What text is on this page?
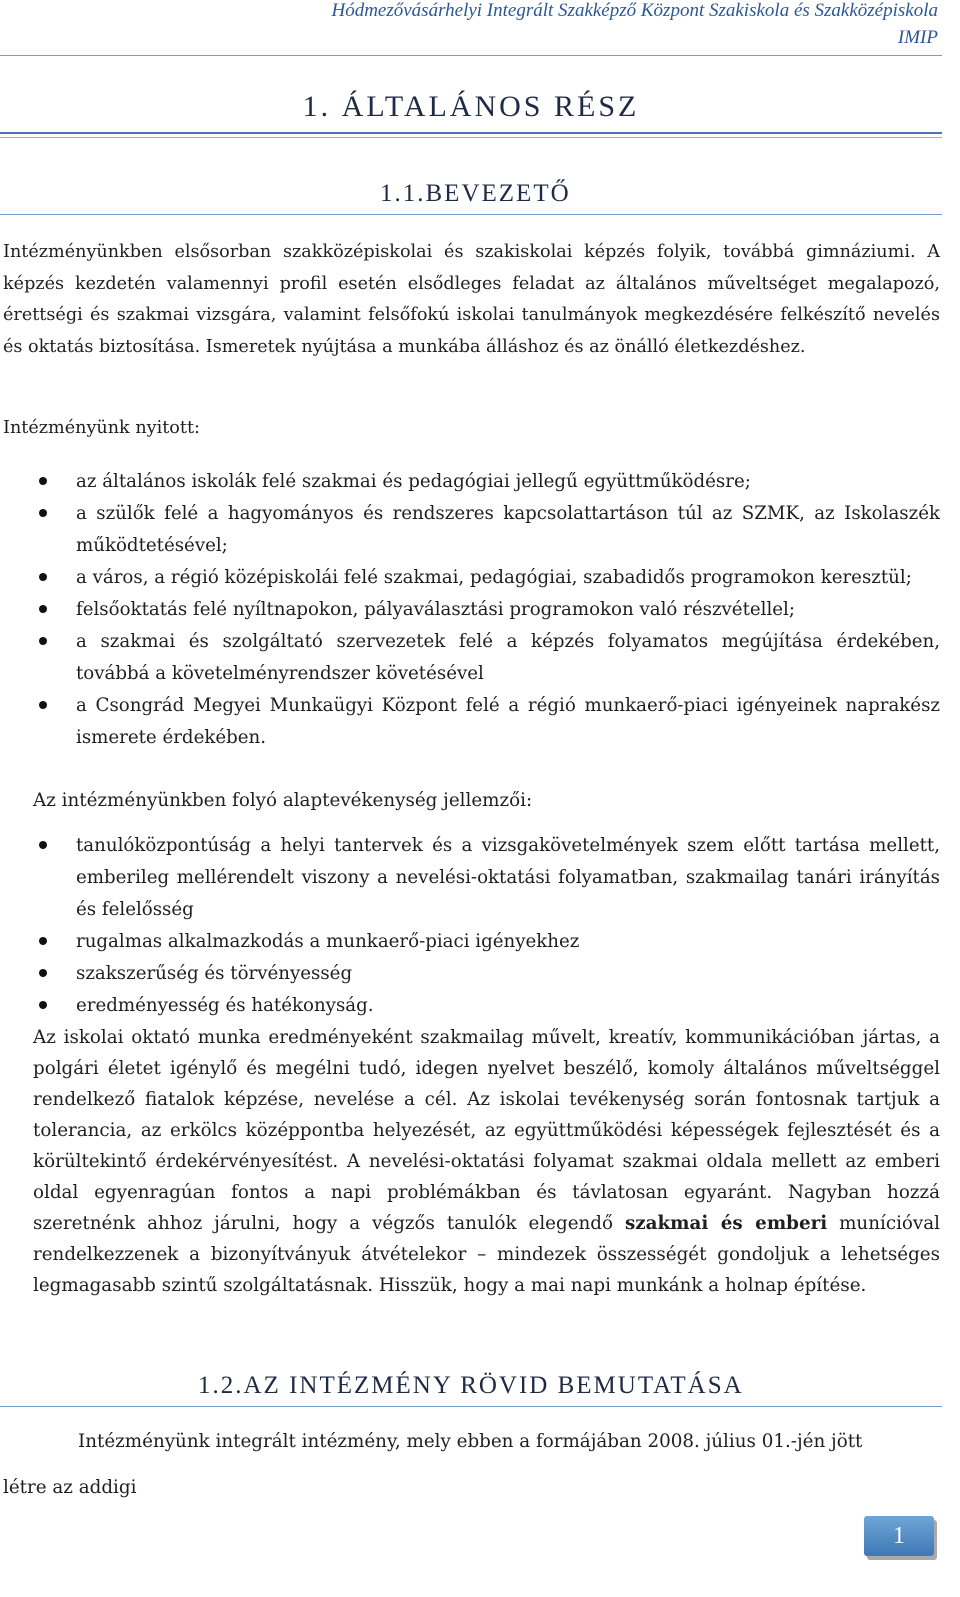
Hódmezővásárhelyi Integrált Szakképző Központ Szakiskola és Szakközépiskola
IMIP
1. ÁLTALÁNOS RÉSZ
1.1.BEVEZETŐ
Intézményünkben elsősorban szakközépiskolai és szakiskolai képzés folyik, továbbá gimnáziumi. A képzés kezdetén valamennyi profil esetén elsődleges feladat az általános műveltséget megalapozó, érettségi és szakmai vizsgára, valamint felsőfokú iskolai tanulmányok megkezdésére felkészítő nevelés és oktatás biztosítása. Ismeretek nyújtása a munkába álláshoz és az önálló életkezdéshez.
Intézményünk nyitott:
az általános iskolák felé szakmai és pedagógiai jellegű együttműködésre;
a szülők felé a hagyományos és rendszeres kapcsolattartáson túl az SZMK, az Iskolaszék működtetésével;
a város, a régió középiskolái felé szakmai, pedagógiai, szabadidős programokon keresztül;
felsőoktatás felé nyíltnapokon, pályaválasztási programokon való részvétellel;
a szakmai és szolgáltató szervezetek felé a képzés folyamatos megújítása érdekében, továbbá a követelményrendszer követésével
a Csongrád Megyei Munkaügyi Központ felé a régió munkaerő-piaci igényeinek naprakész ismerete érdekében.
Az intézményünkben folyó alaptevékenység jellemzői:
tanulóközpontúság a helyi tantervek és a vizsgakövetelmények szem előtt tartása mellett, emberileg mellérendelt viszony a nevelési-oktatási folyamatban, szakmailag tanári irányítás és felelősség
rugalmas alkalmazkodás a munkaerő-piaci igényekhez
szakszerűség és törvényesség
eredményesség és hatékonyság.
Az iskolai oktató munka eredményeként szakmailag művelt, kreatív, kommunikációban jártas, a polgári életet igénylő és megélni tudó, idegen nyelvet beszélő, komoly általános műveltséggel rendelkező fiatalok képzése, nevelése a cél. Az iskolai tevékenység során fontosnak tartjuk a tolerancia, az erkölcs középpontba helyezését, az együttműködési képességek fejlesztését és a körültekintő érdekérvényesítést. A nevelési-oktatási folyamat szakmai oldala mellett az emberi oldal egyenragúan fontos a napi problémákban és távlatosan egyaránt. Nagyban hozzá szeretnénk ahhoz járulni, hogy a végzős tanulók elegendő szakmai és emberi munícióval rendelkezzenek a bizonyítványuk átvételekor – mindezek összességét gondoljuk a lehetséges legmagasabb szintű szolgáltatásnak. Hisszük, hogy a mai napi munkánk a holnap építése.
1.2.AZ INTÉZMÉNY RÖVID BEMUTATÁSA
Intézményünk integrált intézmény, mely ebben a formájában 2008. július 01.-jén jött
létre az addigi
1
